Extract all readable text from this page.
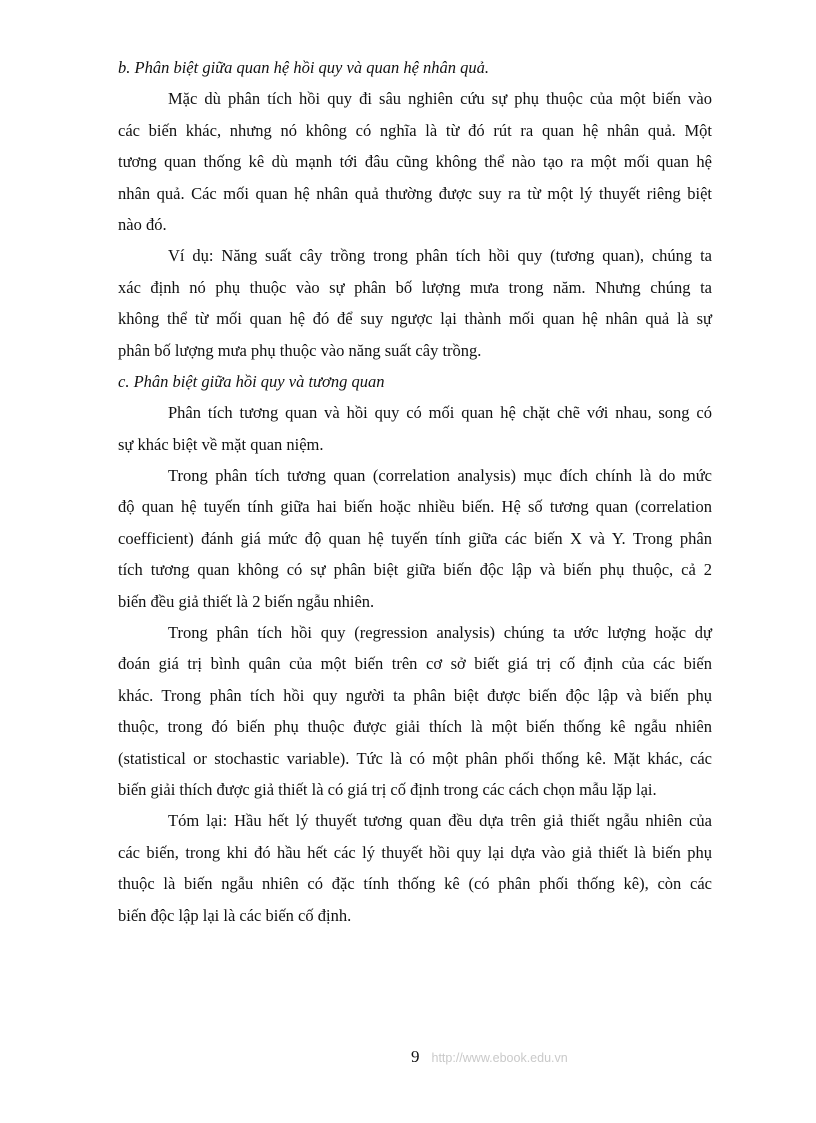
b. Phân biệt giữa quan hệ hồi quy và quan hệ nhân quả.
Mặc dù phân tích hồi quy đi sâu nghiên cứu sự phụ thuộc của một biến vào
các biến khác, nhưng nó không có nghĩa là từ đó rút ra quan hệ nhân quả. Một
tương quan thống kê dù mạnh tới đâu cũng không thể nào tạo ra một mối quan hệ
nhân quả. Các mối quan hệ nhân quả thường được suy ra từ một lý thuyết riêng biệt
nào đó.
Ví dụ: Năng suất cây trồng trong phân tích hồi quy (tương quan), chúng ta
xác định nó phụ thuộc vào sự phân bố lượng mưa trong năm. Nhưng chúng ta
không thể từ mối quan hệ đó để suy ngược lại thành mối quan hệ nhân quả là sự
phân bố lượng mưa phụ thuộc vào năng suất cây trồng.
c. Phân biệt giữa hồi quy và tương quan
Phân tích tương quan và hồi quy có mối quan hệ chặt chẽ với nhau, song có
sự khác biệt về mặt quan niệm.
Trong phân tích tương quan (correlation analysis) mục đích chính là do mức
độ quan hệ tuyến tính giữa hai biến hoặc nhiều biến. Hệ số tương quan (correlation
coefficient) đánh giá mức độ quan hệ tuyến tính giữa các biến X và Y. Trong phân
tích tương quan không có sự phân biệt giữa biến độc lập và biến phụ thuộc, cả 2
biến đều giả thiết là 2 biến ngẫu nhiên.
Trong phân tích hồi quy (regression analysis) chúng ta ước lượng hoặc dự
đoán giá trị bình quân của một biến trên cơ sở biết giá trị cố định của các biến
khác. Trong phân tích hồi quy người ta phân biệt được biến độc lập và biến phụ
thuộc, trong đó biến phụ thuộc được giải thích là một biến thống kê ngẫu nhiên
(statistical or stochastic variable). Tức là có một phân phối thống kê. Mặt khác, các
biến giải thích được giả thiết là có giá trị cố định trong các cách chọn mẫu lặp lại.
Tóm lại: Hầu hết lý thuyết tương quan đều dựa trên giả thiết ngẫu nhiên của
các biến, trong khi đó hầu hết các lý thuyết hồi quy lại dựa vào giả thiết là biến phụ
thuộc là biến ngẫu nhiên có đặc tính thống kê (có phân phối thống kê), còn các
biến độc lập lại là các biến cố định.
9 http://www.ebook.edu.vn
